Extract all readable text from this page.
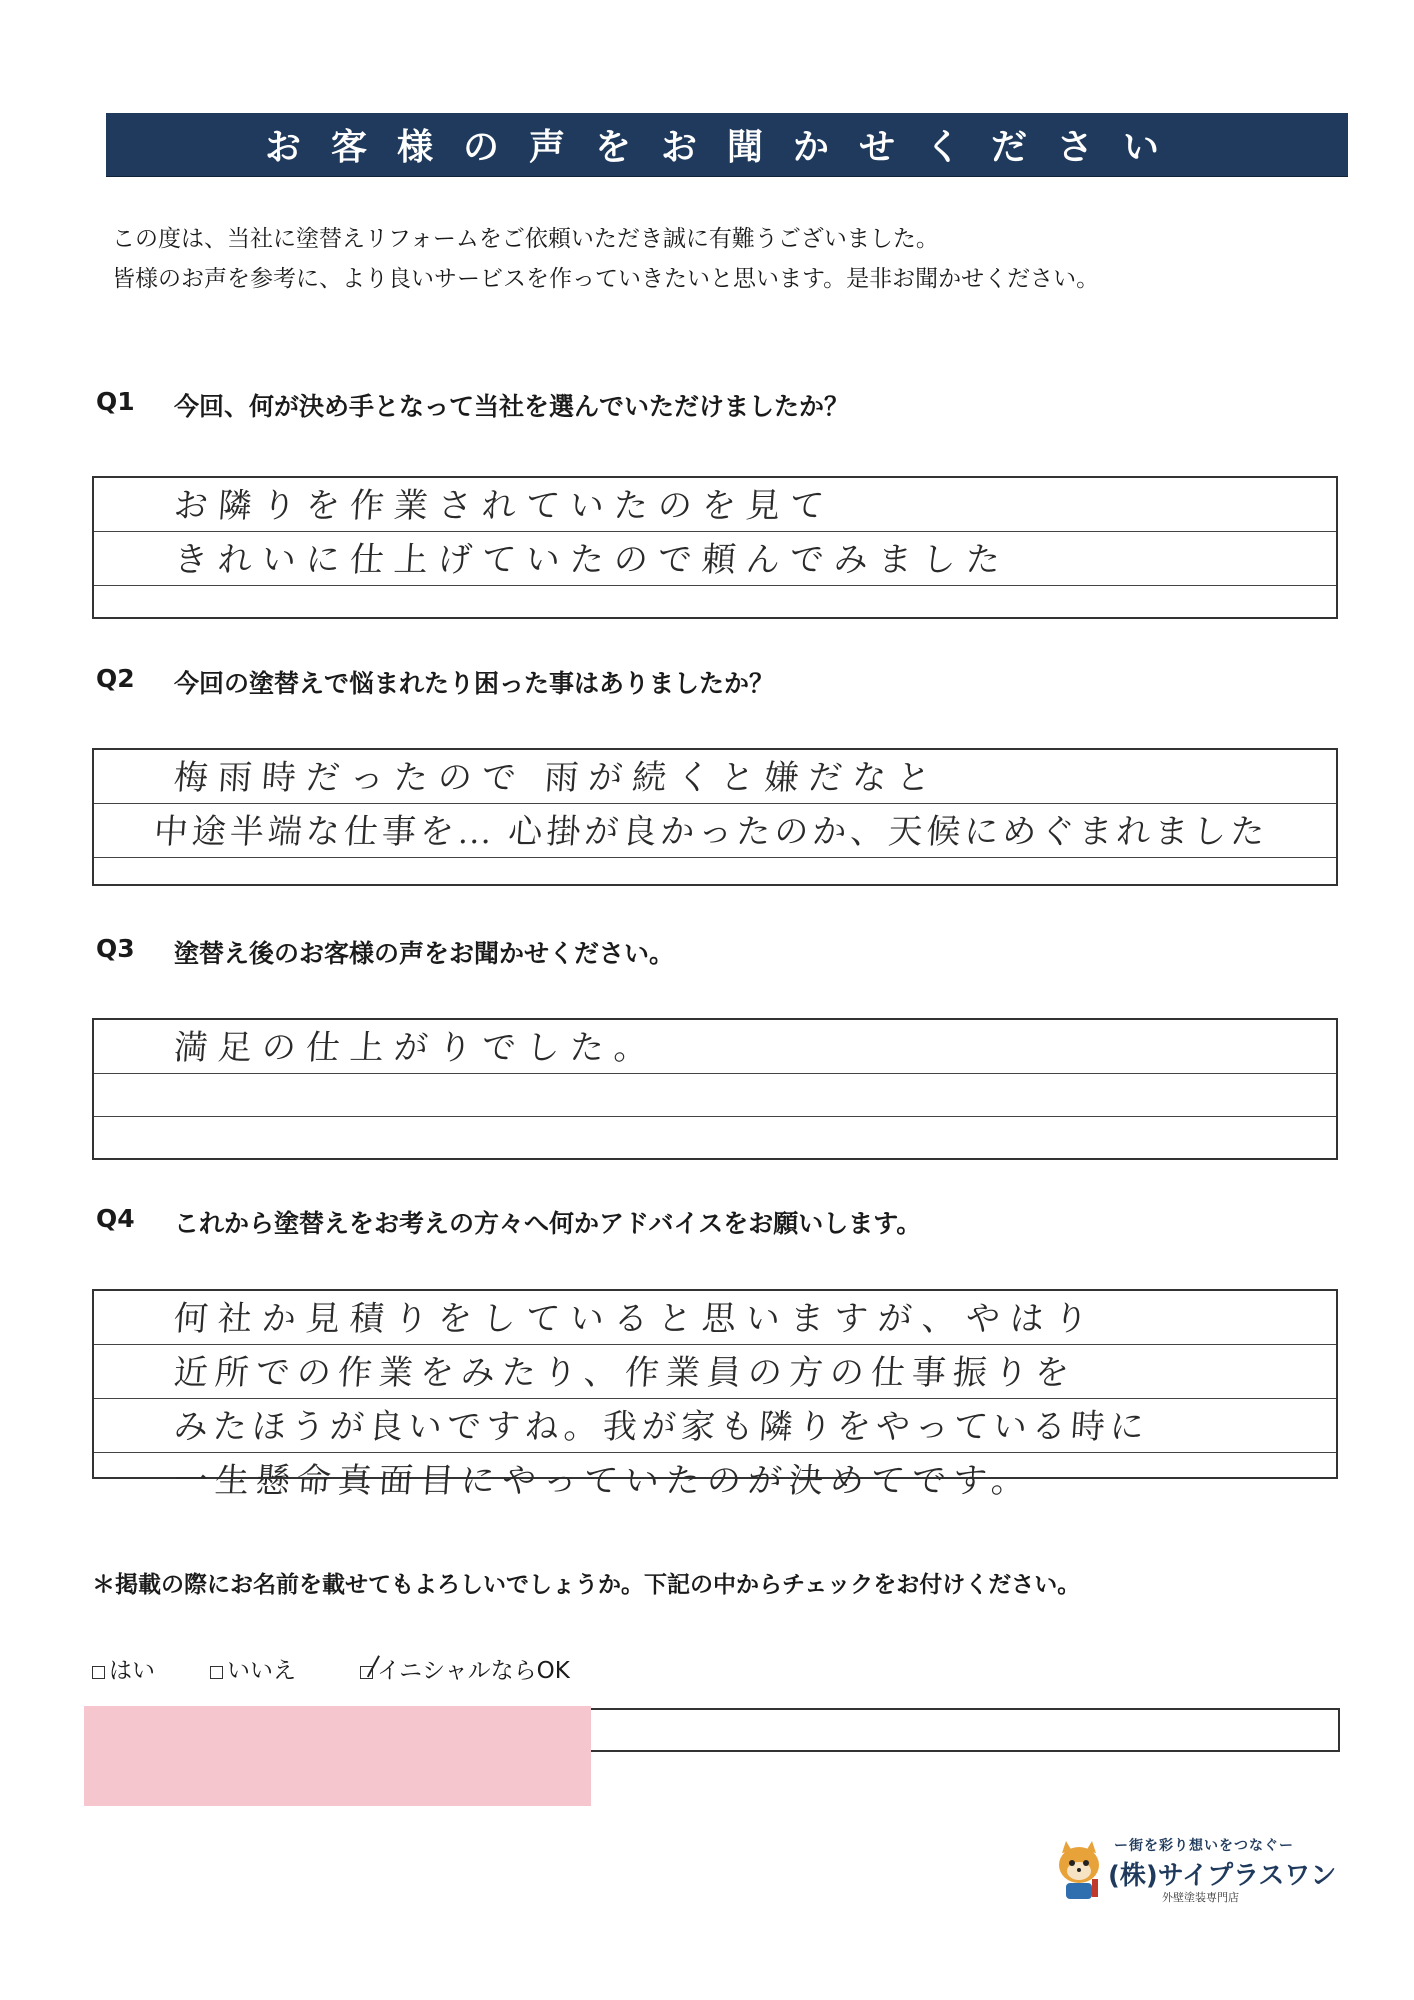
お客様の声をお聞かせください
この度は、当社に塗替えリフォームをご依頼いただき誠に有難うございました。
皆様のお声を参考に、より良いサービスを作っていきたいと思います。是非お聞かせください。
Q1 今回、何が決め手となって当社を選んでいただけましたか？
お隣りを作業されていたのを見て
きれいに仕上げていたので頼んでみました
Q2 今回の塗替えで悩まれたり困った事はありましたか？
梅雨時だったので 雨が続くと嫌だなと
中途半端な仕事を… 心掛が良かったのか、天候にめぐまれました
Q3 塗替え後のお客様の声をお聞かせください。
満足の仕上がりでした。
Q4 これから塗替えをお考えの方々へ何かアドバイスをお願いします。
何社か見積りをしていると思いますが、やはり
近所での作業をみたり、作業員の方の仕事振りを
みたほうが良いですね。我が家も隣りをやっている時に
一生懸命真面目にやっていたのが決めてです。
＊掲載の際にお名前を載せてもよろしいでしょうか。下記の中からチェックをお付けください。
はい	いいえ	イニシャルならOK
ー街を彩り想いをつなぐー
(株)サイプラスワン
外壁塗装専門店
